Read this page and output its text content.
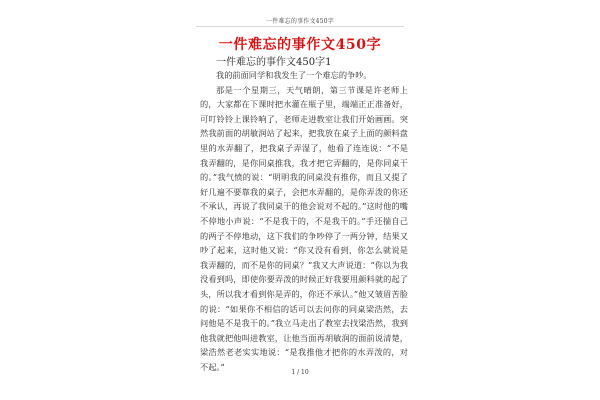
一件难忘的事作文450字
一件难忘的事作文450字
一件难忘的事作文450字1

我的前面同学和我发生了一个难忘的争吵。

那是一个星期三，天气晴朗，第三节课是许老师上的，大家都在下课时把水灌在瓶子里，端端正正准备好，可叮铃铃上课铃响了，老师走进教室让我们开始画画。突然我前面的胡敏润站了起来，把我放在桌子上面的颜料盘里的水弄翻了，把我桌子弄湿了，他看了连连说：“不是我弄翻的，是你同桌推我，我才把它弄翻的，是你同桌干的。”我气愤的说：“明明我的同桌没有推你，而且又提了好几遍不要靠我的桌子，会把水弄翻的，是你弄泼的你还不承认，再说了我同桌干的他会说对不起的。”这时他的嘴不停地小声说：“不是我干的，不是我干的。”手还揣自己的两子不停地动，这下我们的争吵停了一两分钟，结果又吵了起来，这时他又说：“你又没有看到，你怎么就说是我弄翻的，而不是你的同桌？”我又大声说道：“你以为我没看到吗，即使你要弄泼的时候正好我要用颜料就的起了头，所以我才看到你是弄的，你还不承认。”他又皱眉苦脸的说：“如果你不相信的话可以去问你的同桌梁浩然，去问他是不是我干的。”我立马走出了教室去找梁浩然，我到他我就把他叫进教室，让他当面再胡敏润的面前说清楚，梁浩然老老实实地说：“是我推他才把你的水弄泼的，对不起。”

1 / 10
